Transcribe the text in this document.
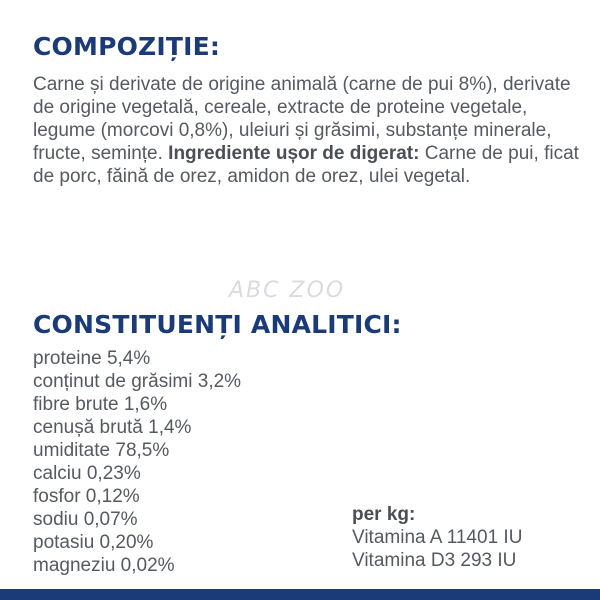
COMPOZIȚIE:

Carne și derivate de origine animală (carne de pui 8%), derivate de origine vegetală, cereale, extracte de proteine vegetale, legume (morcovi 0,8%), uleiuri și grăsimi, substanțe minerale, fructe, semințe. Ingrediente ușor de digerat: Carne de pui, ficat de porc, făină de orez, amidon de orez, ulei vegetal.

ABC ZOO
CONSTITUENȚI ANALITICI:
proteine 5,4%
conținut de grăsimi 3,2%
fibre brute 1,6%
cenușă brută 1,4%
umiditate 78,5%
calciu 0,23%
fosfor 0,12%
sodiu 0,07%
potasiu 0,20%
magneziu 0,02%
per kg:
Vitamina A 11401 IU
Vitamina D3 293 IU
